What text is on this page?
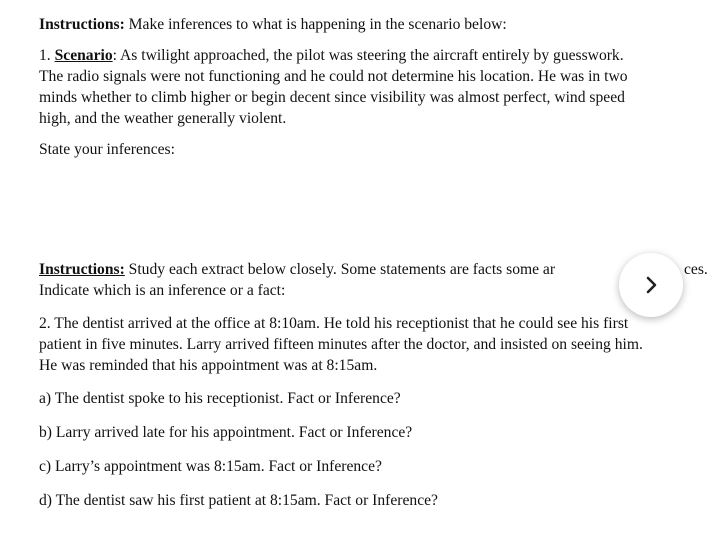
Instructions: Make inferences to what is happening in the scenario below:

1. Scenario: As twilight approached, the pilot was steering the aircraft entirely by guesswork.

The radio signals were not functioning and he could not determine his location. He was in two

minds whether to climb higher or begin decent since visibility was almost perfect, wind speed

high, and the weather generally violent.

State your inferences:

Instructions: Study each extract below closely. Some statements are facts some ar	ces.

Indicate which is an inference or a fact:

2. The dentist arrived at the office at 8:10am. He told his receptionist that he could see his first

patient in five minutes. Larry arrived fifteen minutes after the doctor, and insisted on seeing him.

He was reminded that his appointment was at 8:15am.

a) The dentist spoke to his receptionist. Fact or Inference?

b) Larry arrived late for his appointment. Fact or Inference?

c) Larry’s appointment was 8:15am. Fact or Inference?

d) The dentist saw his first patient at 8:15am. Fact or Inference?
